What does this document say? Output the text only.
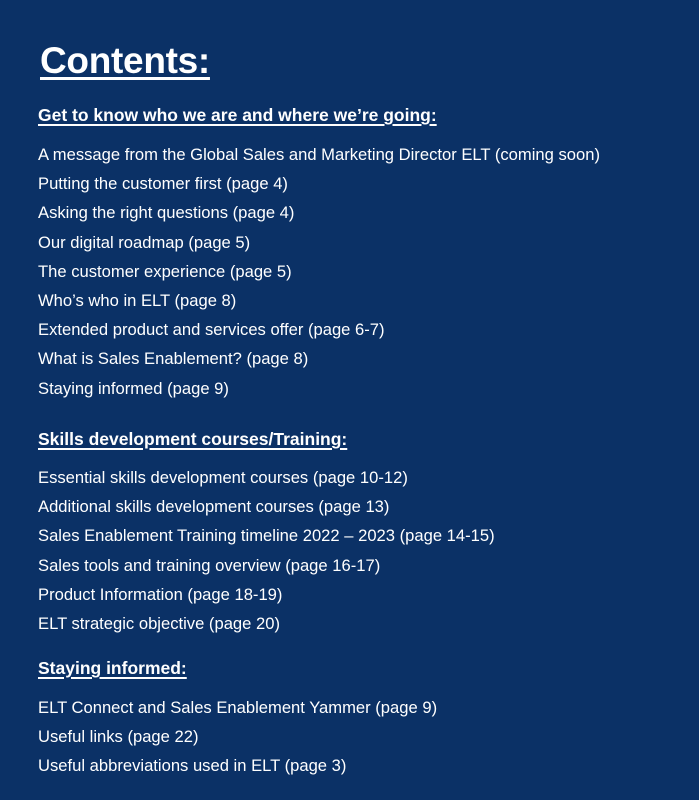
Contents:
Get to know who we are and where we’re going:
A message from the Global Sales and Marketing Director ELT (coming soon)
Putting the customer first (page 4)
Asking the right questions (page 4)
Our digital roadmap (page 5)
The customer experience (page 5)
Who’s who in ELT (page 8)
Extended product and services offer (page 6-7)
What is Sales Enablement? (page 8)
Staying informed (page 9)
Skills development courses/Training:
Essential skills development courses (page 10-12)
Additional skills development courses (page 13)
Sales Enablement Training timeline 2022 – 2023 (page 14-15)
Sales tools and training overview (page 16-17)
Product Information (page 18-19)
ELT strategic objective (page 20)
Staying informed:
ELT Connect and Sales Enablement Yammer (page 9)
Useful links (page 22)
Useful abbreviations used in ELT (page 3)
